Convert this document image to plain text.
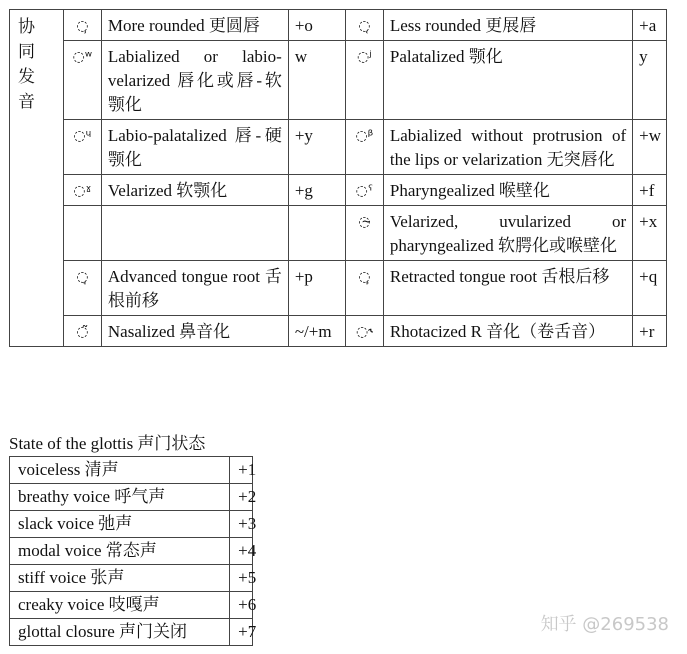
协
同
发
音	◌̹	More rounded 更圆唇	+o	◌̜	Less rounded 更展唇	+a
	◌ʷ	Labialized or labio-velarized 唇化或唇-软颚化	w	◌ʲ	Palatalized 颚化	y
	◌ᶣ	Labio-palatalized 唇-硬颚化	+y	◌ᵝ	Labialized without protrusion of the lips or velarization 无突唇化	+w
	◌ˠ	Velarized 软颚化	+g	◌ˤ	Pharyngealized 喉壁化	+f
				◌̴	Velarized, uvularized or pharyngealized 软腭化或喉壁化	+x
	◌̘	Advanced tongue root 舌根前移	+p	◌̙	Retracted tongue root 舌根后移	+q
	◌̃	Nasalized 鼻音化	~/+m	◌˞	Rhotacized R 音化（卷舌音）	+r
State of the glottis 声门状态
voiceless 清声	+1
breathy voice 呼气声	+2
slack voice 弛声	+3
modal voice 常态声	+4
stiff voice 张声	+5
creaky voice 吱嘎声	+6
glottal closure 声门关闭	+7	知乎 @269538
